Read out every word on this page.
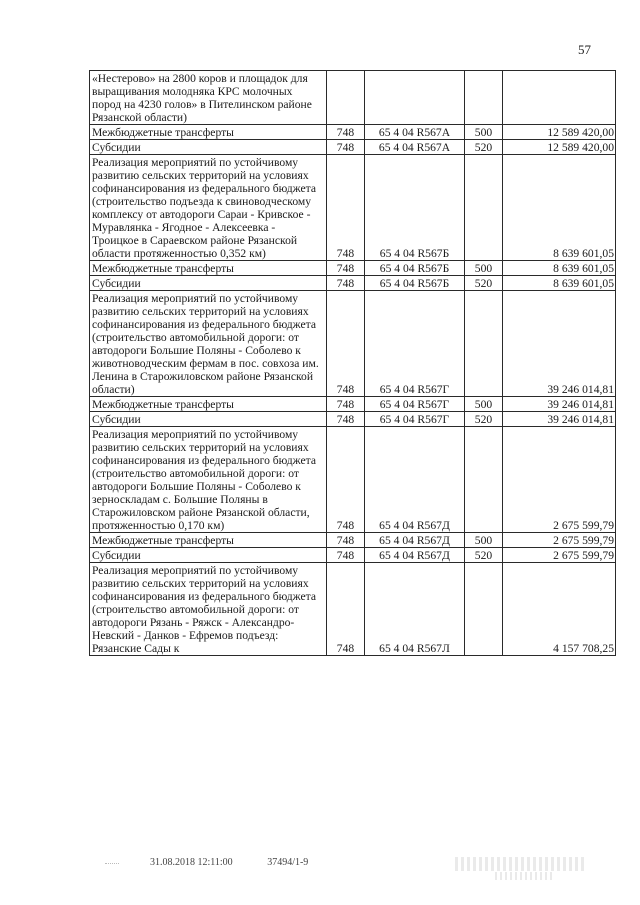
57
«Нестерово» на 2800 коров и площадок для выращивания молодняка КРС молочных пород на 4230 голов» в Пителинском районе Рязанской области)				
Межбюджетные трансферты	748	65 4 04 R567А	500	12 589 420,00
Субсидии	748	65 4 04 R567А	520	12 589 420,00
Реализация мероприятий по устойчивому развитию сельских территорий на условиях софинансирования из федерального бюджета (строительство подъезда к свиноводческому комплексу от автодороги Сараи - Кривское - Муравлянка - Ягодное - Алексеевка - Троицкое в Сараевском районе Рязанской области протяженностью 0,352 км)	748	65 4 04 R567Б		8 639 601,05
Межбюджетные трансферты	748	65 4 04 R567Б	500	8 639 601,05
Субсидии	748	65 4 04 R567Б	520	8 639 601,05
Реализация мероприятий по устойчивому развитию сельских территорий на условиях софинансирования из федерального бюджета (строительство автомобильной дороги: от автодороги Большие Поляны - Соболево к животноводческим фермам в пос. совхоза им. Ленина в Старожиловском районе Рязанской области)	748	65 4 04 R567Г		39 246 014,81
Межбюджетные трансферты	748	65 4 04 R567Г	500	39 246 014,81
Субсидии	748	65 4 04 R567Г	520	39 246 014,81
Реализация мероприятий по устойчивому развитию сельских территорий на условиях софинансирования из федерального бюджета (строительство автомобильной дороги: от автодороги Большие Поляны - Соболево к зерноскладам с. Большие Поляны в Старожиловском районе Рязанской области, протяженностью 0,170 км)	748	65 4 04 R567Д		2 675 599,79
Межбюджетные трансферты	748	65 4 04 R567Д	500	2 675 599,79
Субсидии	748	65 4 04 R567Д	520	2 675 599,79
Реализация мероприятий по устойчивому развитию сельских территорий на условиях софинансирования из федерального бюджета (строительство автомобильной дороги: от автодороги Рязань - Ряжск - Александро-Невский - Данков - Ефремов подъезд: Рязанские Сады к	748	65 4 04 R567Л		4 157 708,25
31.08.2018 12:11:00	37494/1-9
